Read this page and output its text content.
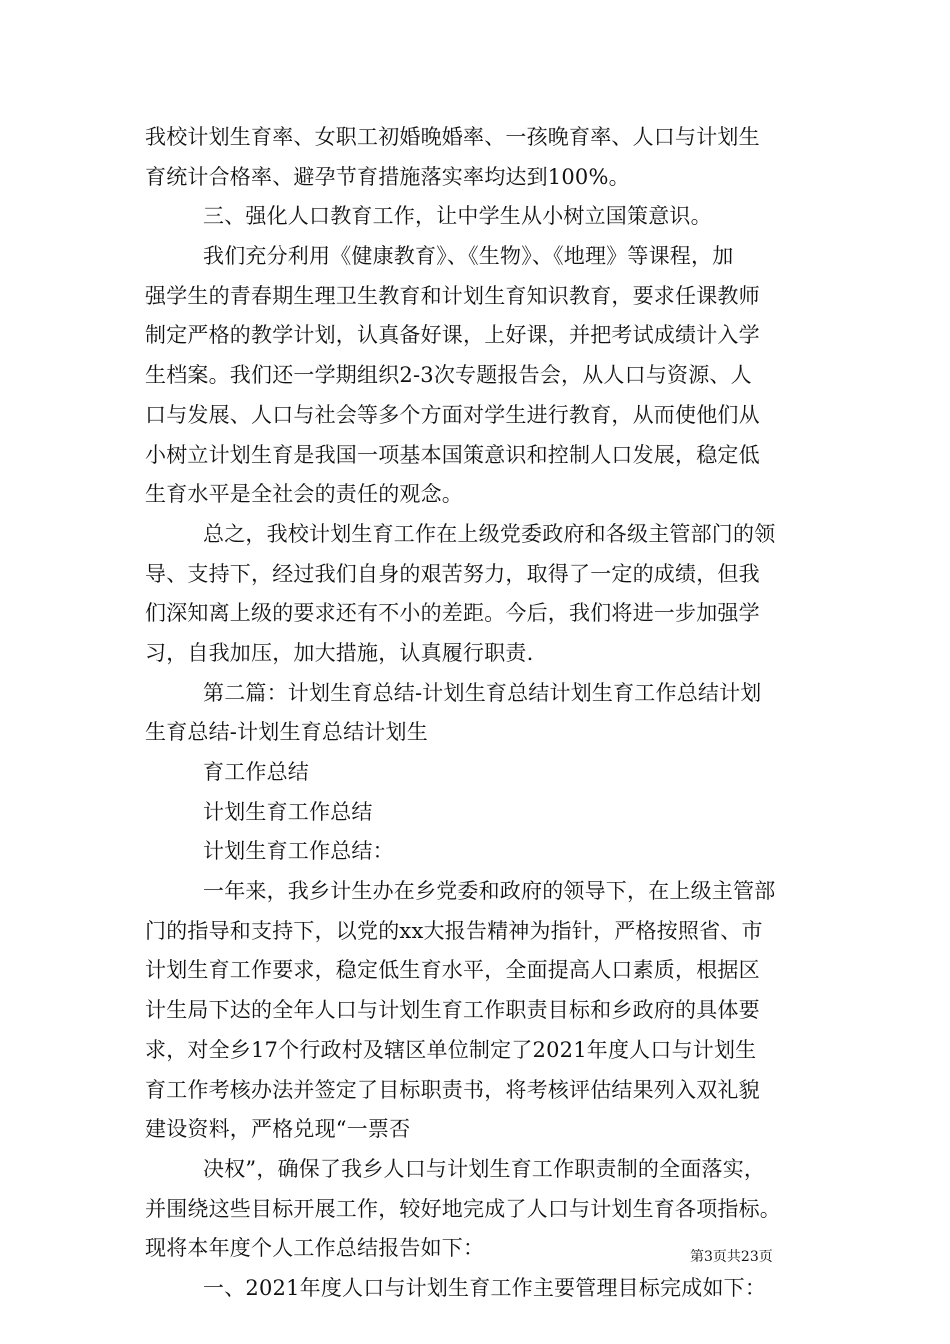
我校计划生育率、女职工初婚晚婚率、一孩晚育率、人口与计划生
育统计合格率、避孕节育措施落实率均达到100%。
三、强化人口教育工作，让中学生从小树立国策意识。
我们充分利用《健康教育》、《生物》、《地理》等课程，加
强学生的青春期生理卫生教育和计划生育知识教育，要求任课教师
制定严格的教学计划，认真备好课，上好课，并把考试成绩计入学
生档案。我们还一学期组织2-3次专题报告会，从人口与资源、人
口与发展、人口与社会等多个方面对学生进行教育，从而使他们从
小树立计划生育是我国一项基本国策意识和控制人口发展，稳定低
生育水平是全社会的责任的观念。
总之，我校计划生育工作在上级党委政府和各级主管部门的领
导、支持下，经过我们自身的艰苦努力，取得了一定的成绩，但我
们深知离上级的要求还有不小的差距。今后，我们将进一步加强学
习，自我加压，加大措施，认真履行职责.
第二篇：计划生育总结-计划生育总结计划生育工作总结计划
生育总结-计划生育总结计划生
育工作总结
计划生育工作总结
计划生育工作总结：
一年来，我乡计生办在乡党委和政府的领导下，在上级主管部
门的指导和支持下，以党的xx大报告精神为指针，严格按照省、市
计划生育工作要求，稳定低生育水平，全面提高人口素质，根据区
计生局下达的全年人口与计划生育工作职责目标和乡政府的具体要
求，对全乡17个行政村及辖区单位制定了2021年度人口与计划生
育工作考核办法并签定了目标职责书，将考核评估结果列入双礼貌
建设资料，严格兑现“一票否
决权”，确保了我乡人口与计划生育工作职责制的全面落实，
并围绕这些目标开展工作，较好地完成了人口与计划生育各项指标。
现将本年度个人工作总结报告如下：
一、2021年度人口与计划生育工作主要管理目标完成如下：
第3页共23页
